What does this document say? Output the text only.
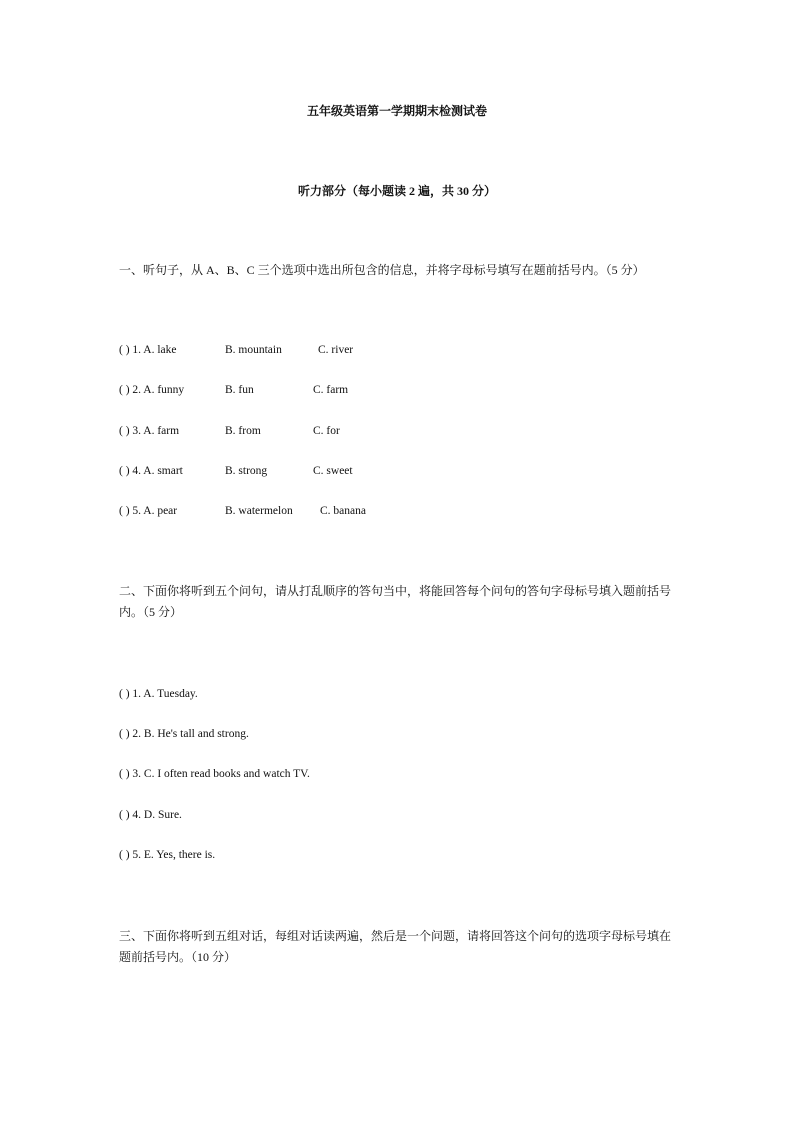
五年级英语第一学期期末检测试卷
听力部分（每小题读 2 遍，共 30 分）
一、听句子，从 A、B、C 三个选项中选出所包含的信息，并将字母标号填写在题前括号内。（5 分）
( ) 1. A. lake	B. mountain	C. river
( ) 2. A. funny	B. fun	C. farm
( ) 3. A. farm	B. from	C. for
( ) 4. A. smart	B. strong	C. sweet
( ) 5. A. pear	B. watermelon C. banana
二、下面你将听到五个问句，请从打乱顺序的答句当中，将能回答每个问句的答句字母标号填入题前括号内。（5 分）
( ) 1. A. Tuesday.
( ) 2. B. He's tall and strong.
( ) 3. C. I often read books and watch TV.
( ) 4. D. Sure.
( ) 5. E. Yes, there is.
三、下面你将听到五组对话，每组对话读两遍，然后是一个问题，请将回答这个问句的选项字母标号填在题前括号内。（10 分）
